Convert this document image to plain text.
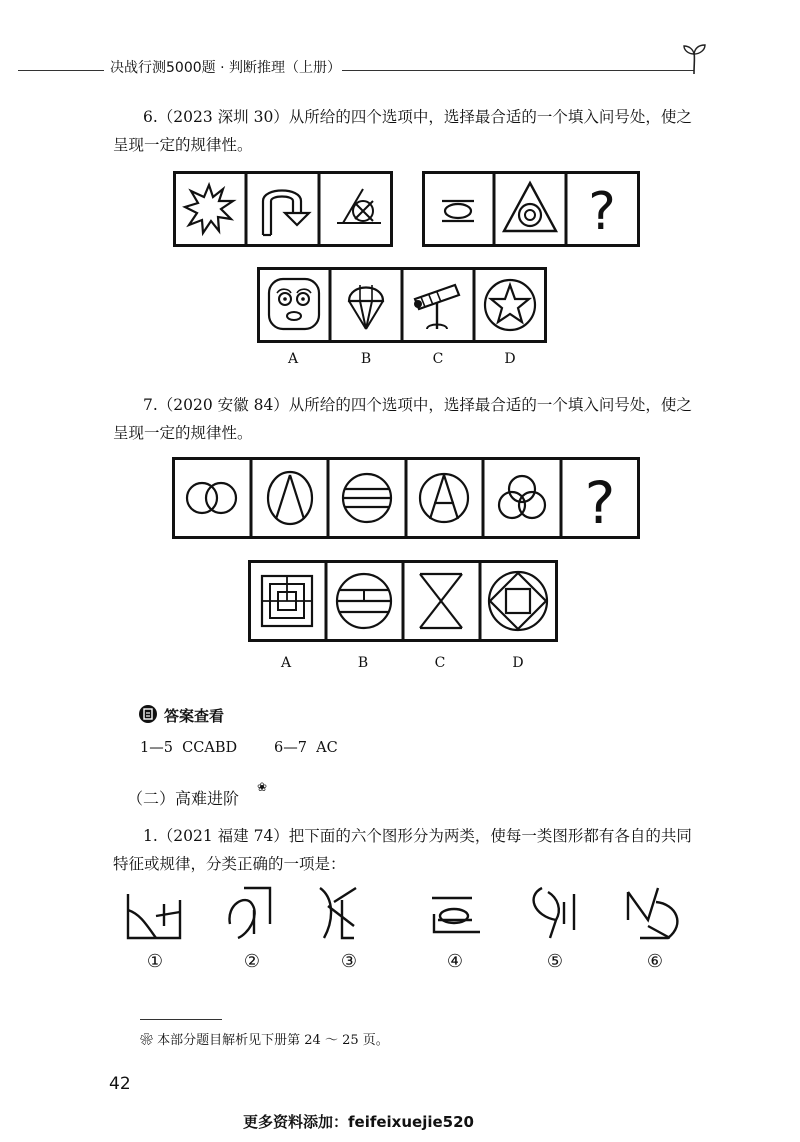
决战行测5000题 · 判断推理（上册）
6.（2023 深圳 30）从所给的四个选项中，选择最合适的一个填入问号处，使之
呈现一定的规律性。
?
A	B	C	D
7.（2020 安徽 84）从所给的四个选项中，选择最合适的一个填入问号处，使之
呈现一定的规律性。
?
A	B	C	D
答案查看
1—5  CCABD        6—7  AC
（二）高难进阶
❀
1.（2021 福建 74）把下面的六个图形分为两类，使每一类图形都有各自的共同
特征或规律，分类正确的一项是：
①	②	③	④	⑤	⑥
❀ 本部分题目解析见下册第 24 ～ 25 页。
42
更多资料添加：feifeixuejie520
